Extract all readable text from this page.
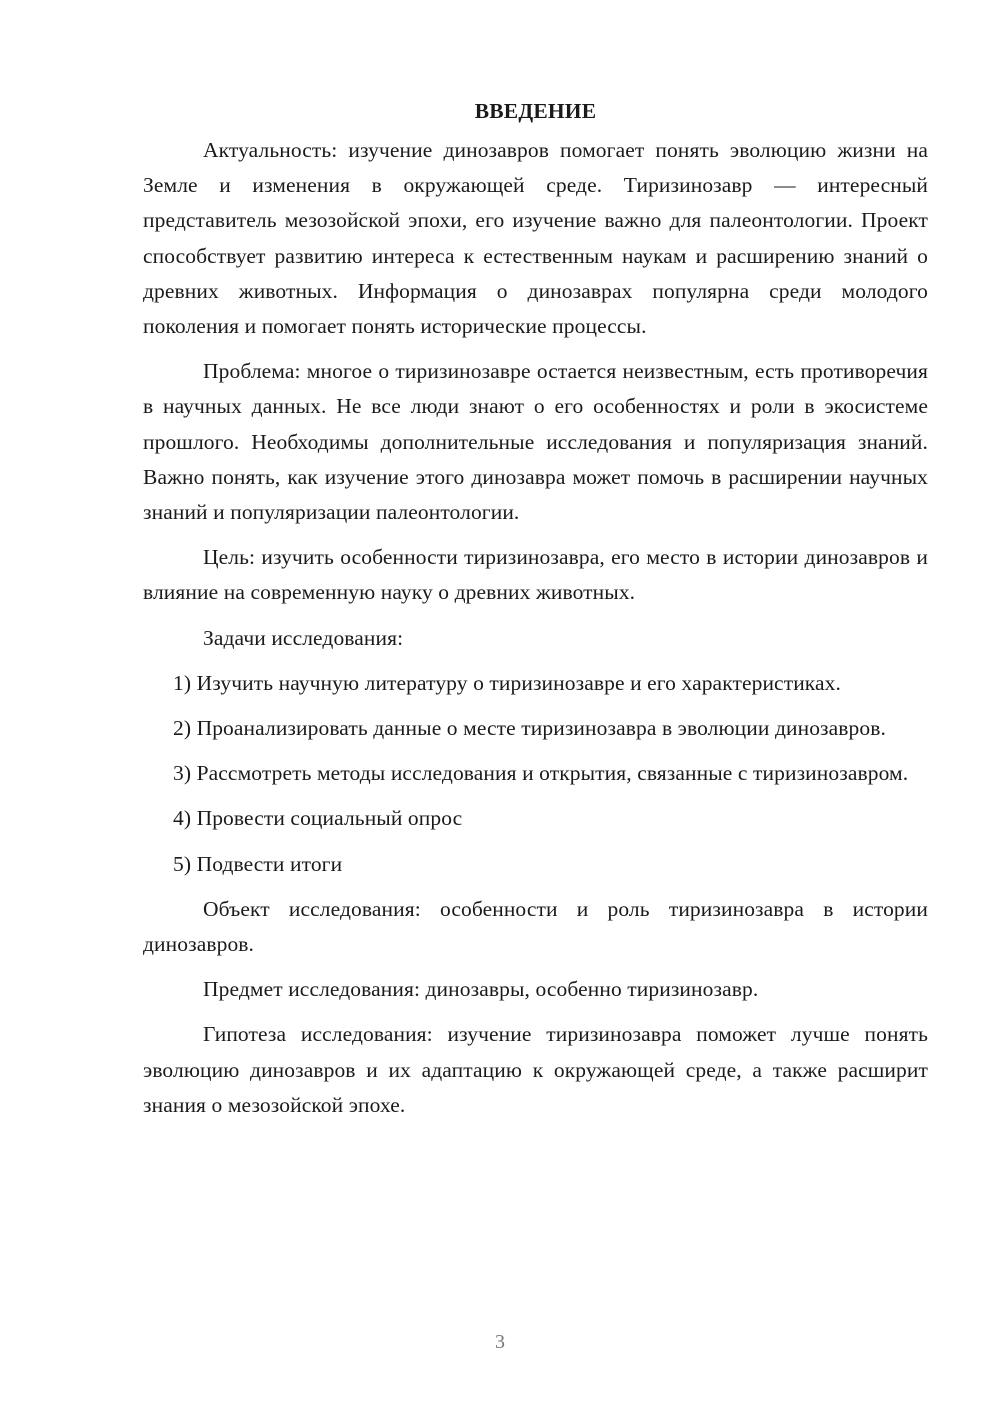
ВВЕДЕНИЕ

Актуальность: изучение динозавров помогает понять эволюцию жизни на Земле и изменения в окружающей среде. Тиризинозавр — интересный представитель мезозойской эпохи, его изучение важно для палеонтологии. Проект способствует развитию интереса к естественным наукам и расширению знаний о древних животных. Информация о динозаврах популярна среди молодого поколения и помогает понять исторические процессы.

Проблема: многое о тиризинозавре остается неизвестным, есть противоречия в научных данных. Не все люди знают о его особенностях и роли в экосистеме прошлого. Необходимы дополнительные исследования и популяризация знаний. Важно понять, как изучение этого динозавра может помочь в расширении научных знаний и популяризации палеонтологии.

Цель: изучить особенности тиризинозавра, его место в истории динозавров и влияние на современную науку о древних животных.

Задачи исследования:

1) Изучить научную литературу о тиризинозавре и его характеристиках.

2) Проанализировать данные о месте тиризинозавра в эволюции динозавров.

3) Рассмотреть методы исследования и открытия, связанные с тиризинозавром.

4) Провести социальный опрос

5) Подвести итоги

Объект исследования: особенности и роль тиризинозавра в истории динозавров.

Предмет исследования: динозавры, особенно тиризинозавр.

Гипотеза исследования: изучение тиризинозавра поможет лучше понять эволюцию динозавров и их адаптацию к окружающей среде, а также расширит знания о мезозойской эпохе.

3
